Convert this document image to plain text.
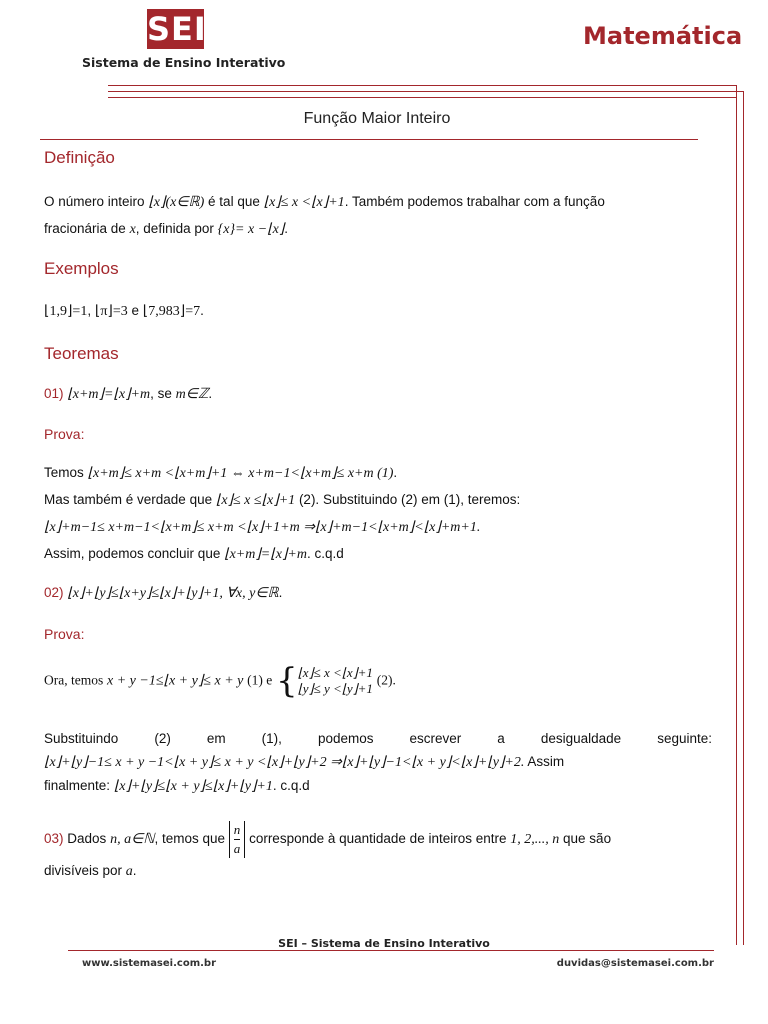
SEI
Sistema de Ensino Interativo
Matemática
Função Maior Inteiro
Definição
O número inteiro ⌊x⌋(x∈ℝ) é tal que ⌊x⌋≤ x <⌊x⌋+1. Também podemos trabalhar com a função
fracionária de x, definida por {x}= x −⌊x⌋.
Exemplos
⌊1,9⌋=1, ⌊π⌋=3 e ⌊7,983⌋=7.
Teoremas
01) ⌊x+m⌋=⌊x⌋+m, se m∈ℤ.
Prova:
Temos ⌊x+m⌋≤ x+m <⌊x+m⌋+1 ⇔ x+m−1<⌊x+m⌋≤ x+m (1).
Mas também é verdade que ⌊x⌋≤ x ≤⌊x⌋+1 (2). Substituindo (2) em (1), teremos:
⌊x⌋+m−1≤ x+m−1<⌊x+m⌋≤ x+m <⌊x⌋+1+m ⇒⌊x⌋+m−1<⌊x+m⌋<⌊x⌋+m+1.
Assim, podemos concluir que ⌊x+m⌋=⌊x⌋+m. c.q.d
02) ⌊x⌋+⌊y⌋≤⌊x+y⌋≤⌊x⌋+⌊y⌋+1, ∀x, y∈ℝ.
Prova:
Ora, temos x + y −1≤⌊x + y⌋≤ x + y (1) e {⌊x⌋≤ x <⌊x⌋+1
⌊y⌋≤ y <⌊y⌋+1 (2).
Substituindo (2) em (1), podemos escrever a desigualdade seguinte:
⌊x⌋+⌊y⌋−1≤ x + y −1<⌊x + y⌋≤ x + y <⌊x⌋+⌊y⌋+2 ⇒⌊x⌋+⌊y⌋−1<⌊x + y⌋<⌊x⌋+⌊y⌋+2. Assim
finalmente: ⌊x⌋+⌊y⌋≤⌊x + y⌋≤⌊x⌋+⌊y⌋+1. c.q.d
03) Dados n, a∈ℕ, temos que $\frac{n}{a}$ corresponde à quantidade de inteiros entre 1, 2,..., n que são
divisíveis por a.
SEI – Sistema de Ensino Interativo
www.sistemasei.com.br	duvidas@sistemasei.com.br
